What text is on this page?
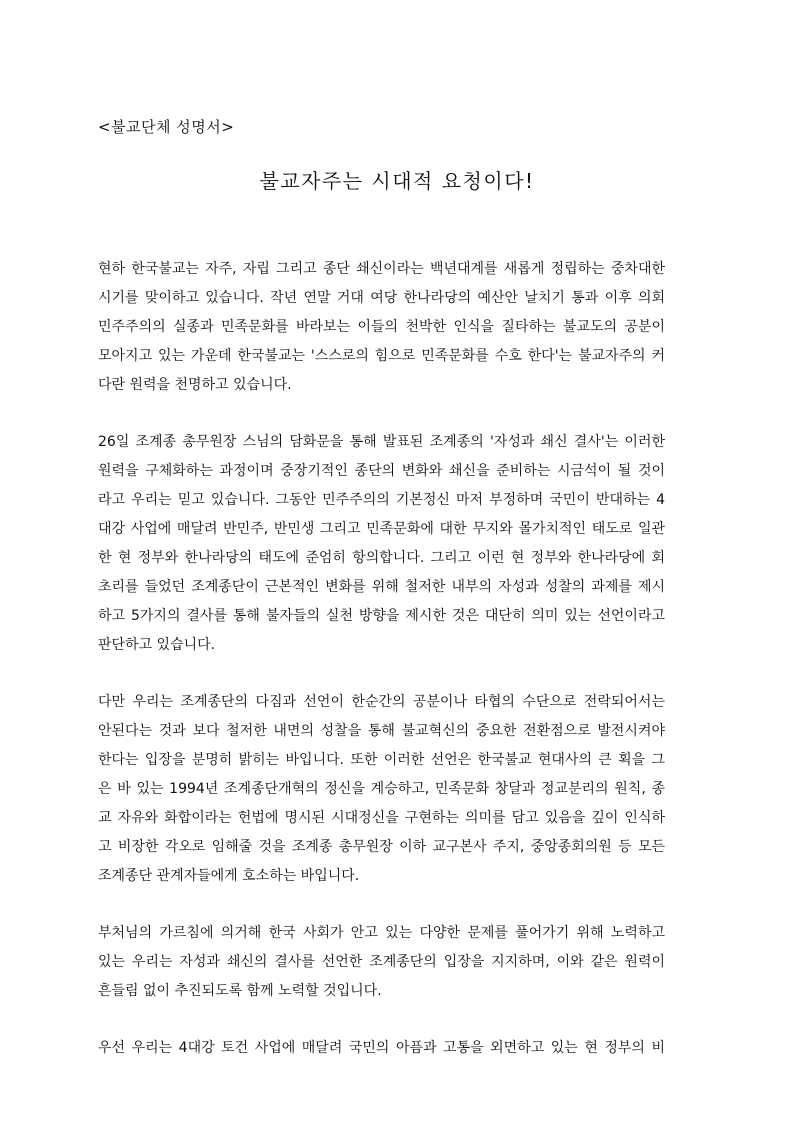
<불교단체 성명서>
불교자주는 시대적 요청이다!
현하 한국불교는 자주, 자립 그리고 종단 쇄신이라는 백년대계를 새롭게 정립하는 중차대한
시기를 맞이하고 있습니다. 작년 연말 거대 여당 한나라당의 예산안 날치기 통과 이후 의회
민주주의의 실종과 민족문화를 바라보는 이들의 천박한 인식을 질타하는 불교도의 공분이
모아지고 있는 가운데 한국불교는 '스스로의 힘으로 민족문화를 수호 한다'는 불교자주의 커
다란 원력을 천명하고 있습니다.
26일 조계종 총무원장 스님의 담화문을 통해 발표된 조계종의 '자성과 쇄신 결사'는 이러한
원력을 구체화하는 과정이며 중장기적인 종단의 변화와 쇄신을 준비하는 시금석이 될 것이
라고 우리는 믿고 있습니다. 그동안 민주주의의 기본정신 마저 부정하며 국민이 반대하는 4
대강 사업에 매달려 반민주, 반민생 그리고 민족문화에 대한 무지와 몰가치적인 태도로 일관
한 현 정부와 한나라당의 태도에 준엄히 항의합니다. 그리고 이런 현 정부와 한나라당에 회
초리를 들었던 조계종단이 근본적인 변화를 위해 철저한 내부의 자성과 성찰의 과제를 제시
하고 5가지의 결사를 통해 불자들의 실천 방향을 제시한 것은 대단히 의미 있는 선언이라고
판단하고 있습니다.
다만 우리는 조계종단의 다짐과 선언이 한순간의 공분이나 타협의 수단으로 전락되어서는
안된다는 것과 보다 철저한 내면의 성찰을 통해 불교혁신의 중요한 전환점으로 발전시켜야
한다는 입장을 분명히 밝히는 바입니다. 또한 이러한 선언은 한국불교 현대사의 큰 획을 그
은 바 있는 1994년 조계종단개혁의 정신을 계승하고, 민족문화 창달과 정교분리의 원칙, 종
교 자유와 화합이라는 헌법에 명시된 시대정신을 구현하는 의미를 담고 있음을 깊이 인식하
고 비장한 각오로 임해줄 것을 조계종 총무원장 이하 교구본사 주지, 중앙종회의원 등 모든
조계종단 관계자들에게 호소하는 바입니다.
부처님의 가르침에 의거해 한국 사회가 안고 있는 다양한 문제를 풀어가기 위해 노력하고
있는 우리는 자성과 쇄신의 결사를 선언한 조계종단의 입장을 지지하며, 이와 같은 원력이
흔들림 없이 추진되도록 함께 노력할 것입니다.
우선 우리는 4대강 토건 사업에 매달려 국민의 아픔과 고통을 외면하고 있는 현 정부의 비
